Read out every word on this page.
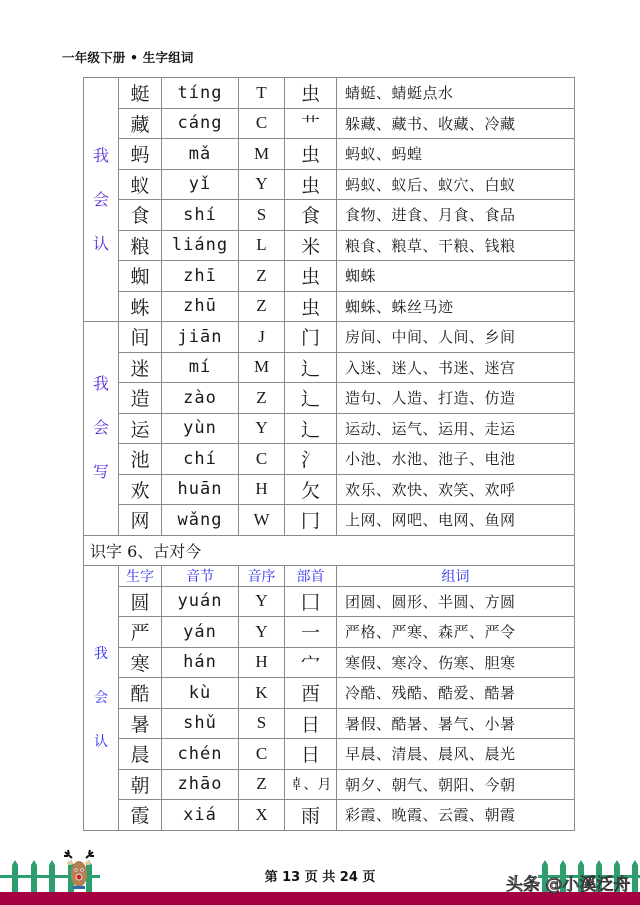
一年级下册 • 生字组词
我
会
认	蜓	tíng	T	虫	蜻蜓、蜻蜓点水
	藏	cáng	C	艹	躲藏、藏书、收藏、冷藏
	蚂	mǎ	M	虫	蚂蚁、蚂蝗
	蚁	yǐ	Y	虫	蚂蚁、蚁后、蚁穴、白蚁
	食	shí	S	食	食物、进食、月食、食品
	粮	liáng	L	米	粮食、粮草、干粮、钱粮
	蜘	zhī	Z	虫	蜘蛛
	蛛	zhū	Z	虫	蜘蛛、蛛丝马迹

我
会
写	间	jiān	J	门	房间、中间、人间、乡间
	迷	mí	M	辶	入迷、迷人、书迷、迷宫
	造	zào	Z	辶	造句、人造、打造、仿造
	运	yùn	Y	辶	运动、运气、运用、走运
	池	chí	C	氵	小池、水池、池子、电池
	欢	huān	H	欠	欢乐、欢快、欢笑、欢呼
	网	wǎng	W	冂	上网、网吧、电网、鱼网
识字 6、古对今					

我
会
认	生字	音节	音序	部首	组词
	圆	yuán	Y	囗	团圆、圆形、半圆、方圆
	严	yán	Y	一	严格、严寒、森严、严令
	寒	hán	H	宀	寒假、寒冷、伤寒、胆寒
	酷	kù	K	酉	冷酷、残酷、酷爱、酷暑
	暑	shǔ	S	日	暑假、酷暑、暑气、小暑
	晨	chén	C	日	早晨、清晨、晨风、晨光
	朝	zhāo	Z	𠦝、月	朝夕、朝气、朝阳、今朝
	霞	xiá	X	雨	彩霞、晚霞、云霞、朝霞
第 13 页 共 24 页	头条 @小溪泛舟
